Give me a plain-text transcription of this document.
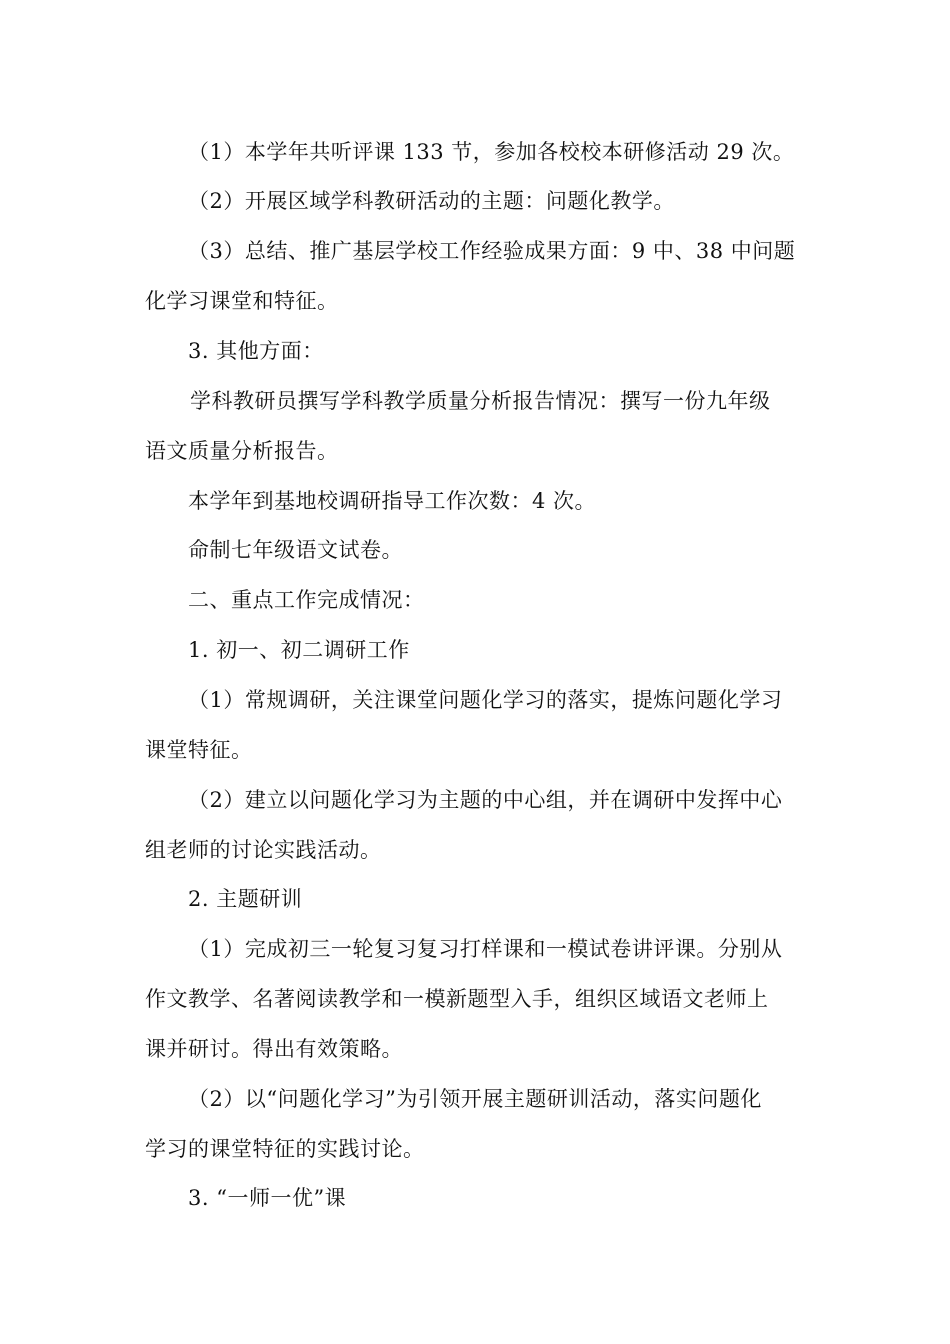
（1）本学年共听评课 133 节，参加各校校本研修活动 29 次。
（2）开展区域学科教研活动的主题：问题化教学。
（3）总结、推广基层学校工作经验成果方面：9 中、38 中问题
化学习课堂和特征。
3. 其他方面：
学科教研员撰写学科教学质量分析报告情况：撰写一份九年级
语文质量分析报告。
本学年到基地校调研指导工作次数：4 次。
命制七年级语文试卷。
二、重点工作完成情况：
1. 初一、初二调研工作
（1）常规调研，关注课堂问题化学习的落实，提炼问题化学习
课堂特征。
（2）建立以问题化学习为主题的中心组，并在调研中发挥中心
组老师的讨论实践活动。
2. 主题研训
（1）完成初三一轮复习复习打样课和一模试卷讲评课。分别从
作文教学、名著阅读教学和一模新题型入手，组织区域语文老师上
课并研讨。得出有效策略。
（2）以“问题化学习”为引领开展主题研训活动，落实问题化
学习的课堂特征的实践讨论。
3. “一师一优”课
